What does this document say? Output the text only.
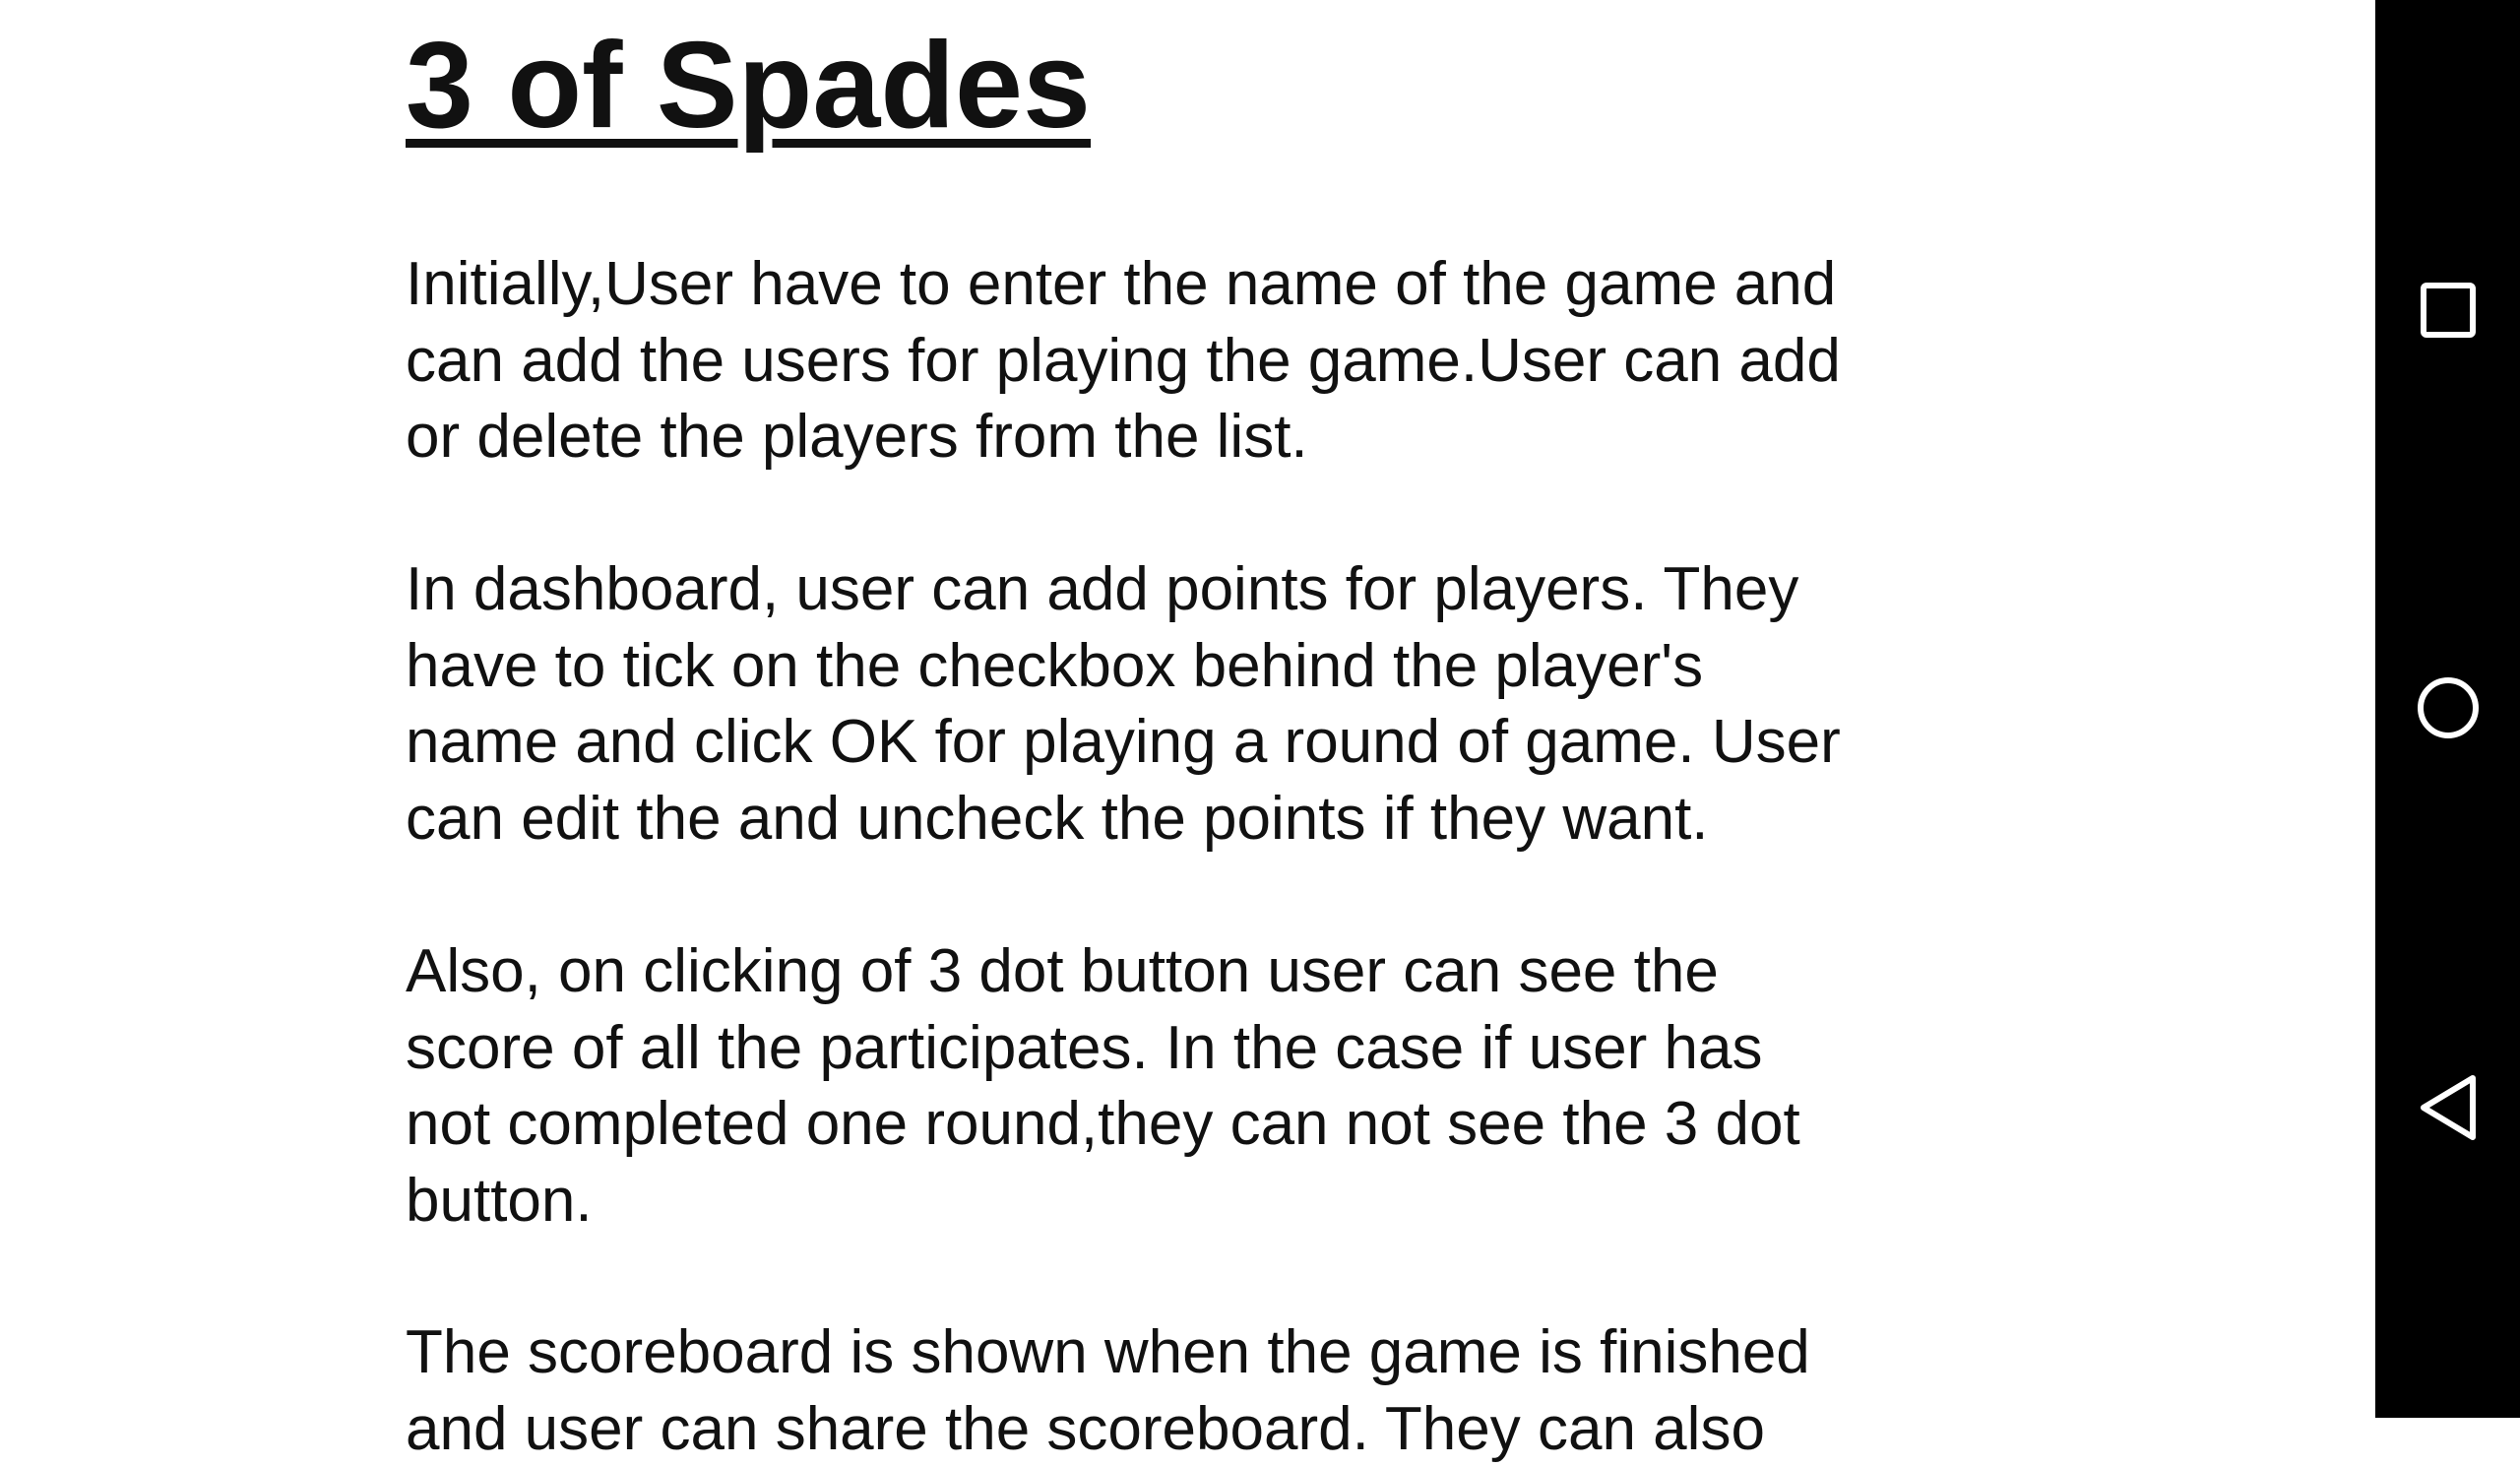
3 of Spades

Initially,User have to enter the name of the game and
can add the users for playing the game.User can add
or delete the players from the list.

In dashboard, user can add points for players. They
have to tick on the checkbox behind the player's
name and click OK for playing a round of game. User
can edit the and uncheck the points if they want.

Also, on clicking of 3 dot button user can see the
score of all the participates. In the case if user has
not completed one round,they can not see the 3 dot
button.

The scoreboard is shown when the game is finished
and user can share the scoreboard. They can also
